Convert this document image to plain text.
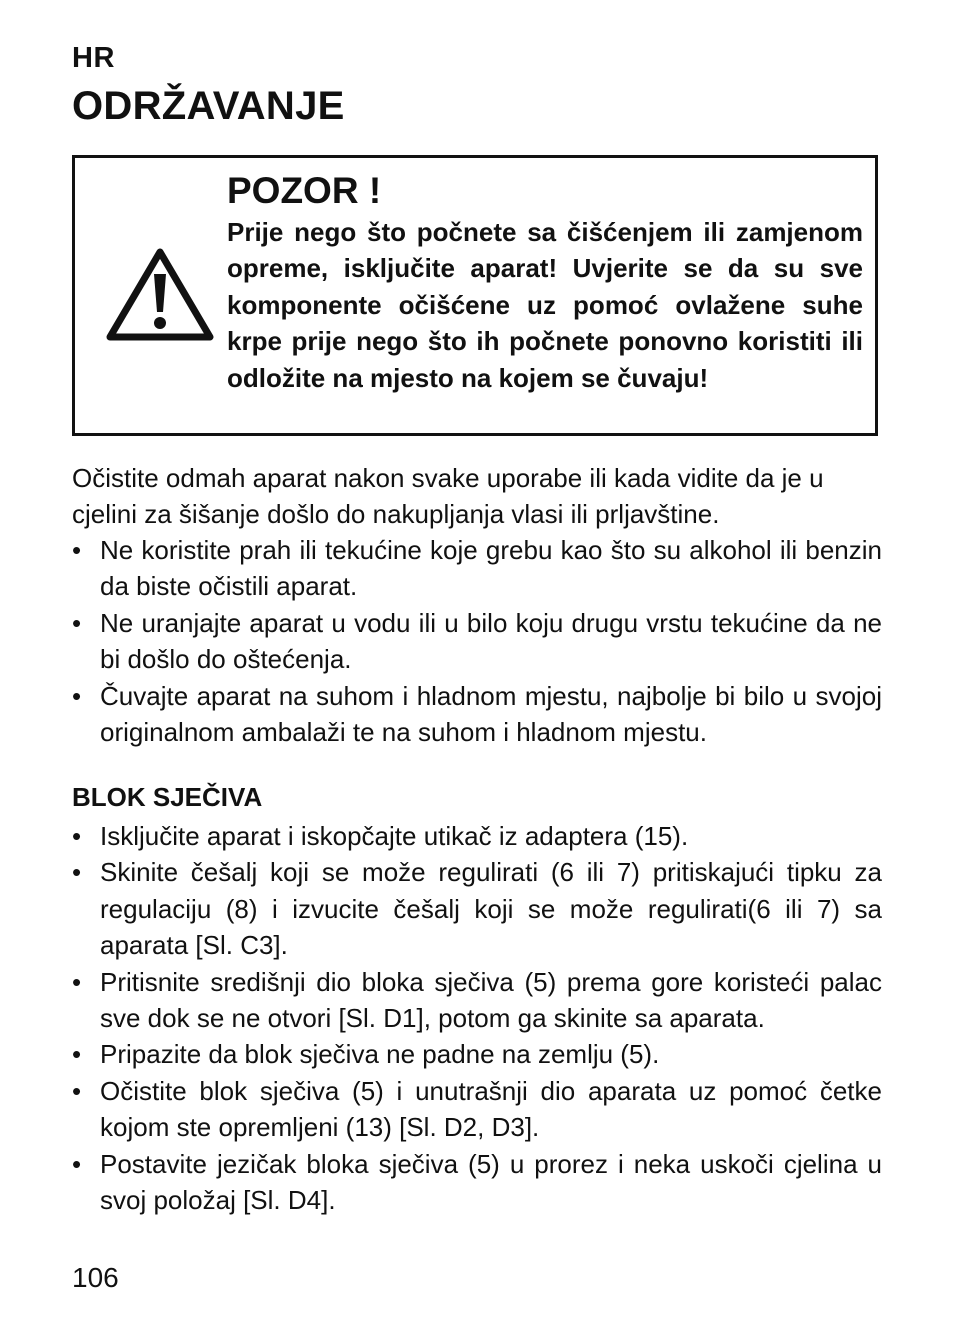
HR
ODRŽAVANJE
POZOR !
Prije nego što počnete sa čišćenjem ili zamjenom opreme, isključite aparat! Uvjerite se da su sve komponente očišćene uz pomoć ovlažene suhe krpe prije nego što ih počnete ponovno koristiti ili odložite na mjesto na kojem se čuvaju!
Očistite odmah aparat nakon svake uporabe ili kada vidite da je u cjelini za šišanje došlo do nakupljanja vlasi ili prljavštine.
• Ne koristite prah ili tekućine koje grebu kao što su alkohol ili benzin da biste očistili aparat.
• Ne uranjajte aparat u vodu ili u bilo koju drugu vrstu tekućine da ne bi došlo do oštećenja.
• Čuvajte aparat na suhom i hladnom mjestu, najbolje bi bilo u svojoj originalnom ambalaži te na suhom i hladnom mjestu.
BLOK SJEČIVA
• Isključite aparat i iskopčajte utikač iz adaptera (15).
• Skinite češalj koji se može regulirati (6 ili 7) pritiskajući tipku za regulaciju (8) i izvucite češalj koji se može regulirati(6 ili 7) sa aparata [Sl. C3].
• Pritisnite središnji dio bloka sječiva (5) prema gore koristeći palac sve dok se ne otvori [Sl. D1], potom ga skinite sa aparata.
• Pripazite da blok sječiva ne padne na zemlju (5).
• Očistite blok sječiva (5) i unutrašnji dio aparata uz pomoć četke kojom ste opremljeni (13) [Sl. D2, D3].
• Postavite jezičak bloka sječiva (5) u prorez i neka uskoči cjelina u svoj položaj [Sl. D4].
106
